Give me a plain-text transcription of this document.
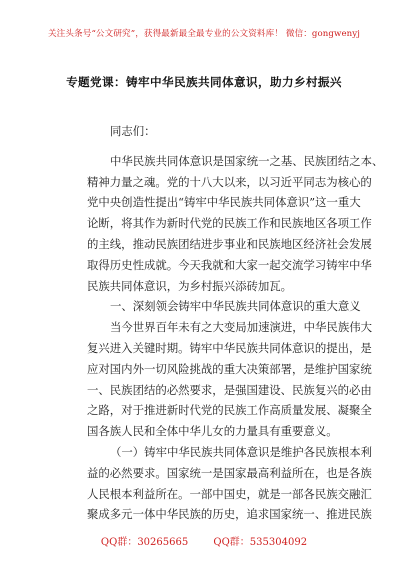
关注头条号“公文研究”，获得最新最全最专业的公文资料库！ 微信：gongwenyj
专题党课：铸牢中华民族共同体意识，助力乡村振兴
同志们：
中华民族共同体意识是国家统一之基、民族团结之本、
精神力量之魂。党的十八大以来，以习近平同志为核心的
党中央创造性提出“铸牢中华民族共同体意识”这一重大
论断，将其作为新时代党的民族工作和民族地区各项工作
的主线，推动民族团结进步事业和民族地区经济社会发展
取得历史性成就。今天我就和大家一起交流学习铸牢中华
民族共同体意识，为乡村振兴添砖加瓦。
一、深刻领会铸牢中华民族共同体意识的重大意义
当今世界百年未有之大变局加速演进，中华民族伟大
复兴进入关键时期。铸牢中华民族共同体意识的提出，是
应对国内外一切风险挑战的重大决策部署，是维护国家统
一、民族团结的必然要求，是强国建设、民族复兴的必由
之路，对于推进新时代党的民族工作高质量发展、凝聚全
国各族人民和全体中华儿女的力量具有重要意义。
（一）铸牢中华民族共同体意识是维护各民族根本利
益的必然要求。国家统一是国家最高利益所在，也是各族
人民根本利益所在。一部中国史，就是一部各民族交融汇
聚成多元一体中华民族的历史，追求国家统一、推进民族
QQ群：30265665	QQ群：535304092
